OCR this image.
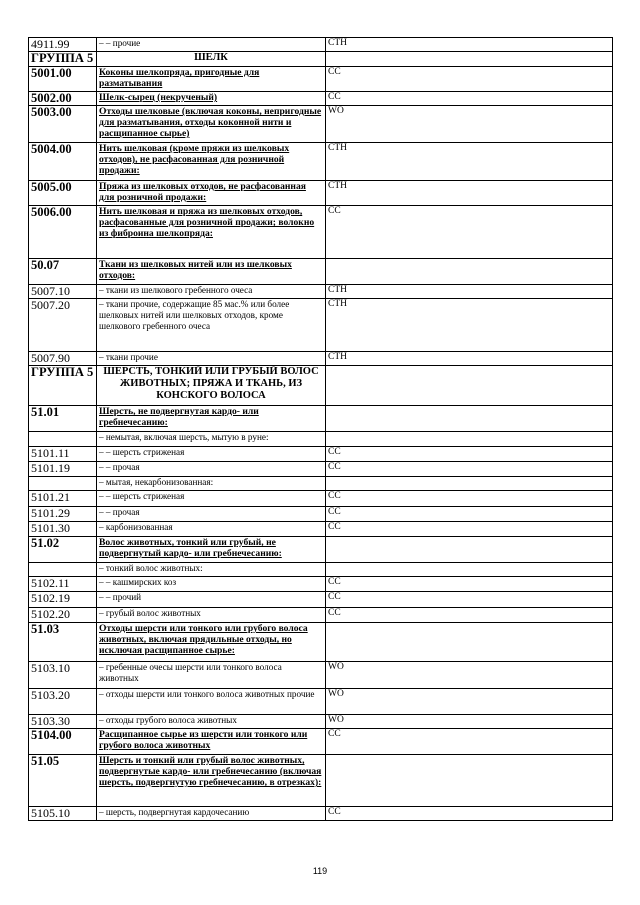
4911.99	– – прочие	CTH
ГРУППА 5	ШЕЛК	
5001.00	Коконы шелкопряда, пригодные для разматывания	CC
5002.00	Шелк-сырец (некрученый)	CC
5003.00	Отходы шелковые (включая коконы, непригодные для разматывания, отходы коконной нити и расщипанное сырье)	WO
5004.00	Нить шелковая (кроме пряжи из шелковых отходов), не расфасованная для розничной продажи:	CTH
5005.00	Пряжа из шелковых отходов, не расфасованная для розничной продажи:	CTH
5006.00	Нить шелковая и пряжа из шелковых отходов, расфасованные для розничной продажи; волокно из фиброина шелкопряда:	CC
50.07	Ткани из шелковых нитей или из шелковых отходов:	
5007.10	– ткани из шелкового гребенного очеса	CTH
5007.20	– ткани прочие, содержащие 85 мас.% или более шелковых нитей или шелковых отходов, кроме шелкового гребенного очеса	CTH
5007.90	– ткани прочие	CTH
ГРУППА 5	ШЕРСТЬ, ТОНКИЙ ИЛИ ГРУБЫЙ ВОЛОС ЖИВОТНЫХ; ПРЯЖА И ТКАНЬ, ИЗ КОНСКОГО ВОЛОСА	
51.01	Шерсть, не подвергнутая кардо- или гребнечесанию:	
	– немытая, включая шерсть, мытую в руне:	
5101.11	– – шерсть стриженая	CC
5101.19	– – прочая	CC
	– мытая, некарбонизованная:	
5101.21	– – шерсть стриженая	CC
5101.29	– – прочая	CC
5101.30	– карбонизованная	CC
51.02	Волос животных, тонкий или грубый, не подвергнутый кардо- или гребнечесанию:	
	– тонкий волос животных:	
5102.11	– – кашмирских коз	CC
5102.19	– – прочий	CC
5102.20	– грубый волос животных	CC
51.03	Отходы шерсти или тонкого или грубого волоса животных, включая прядильные отходы, но исключая расщипанное сырье:	
5103.10	– гребенные очесы шерсти или тонкого волоса животных	WO
5103.20	– отходы шерсти или тонкого волоса животных прочие	WO
5103.30	– отходы грубого волоса животных	WO
5104.00	Расщипанное сырье из шерсти или тонкого или грубого волоса животных	CC
51.05	Шерсть и тонкий или грубый волос животных, подвергнутые кардо- или гребнечесанию (включая шерсть, подвергнутую гребнечесанию, в отрезках):	
5105.10	– шерсть, подвергнутая кардочесанию	CC
119
